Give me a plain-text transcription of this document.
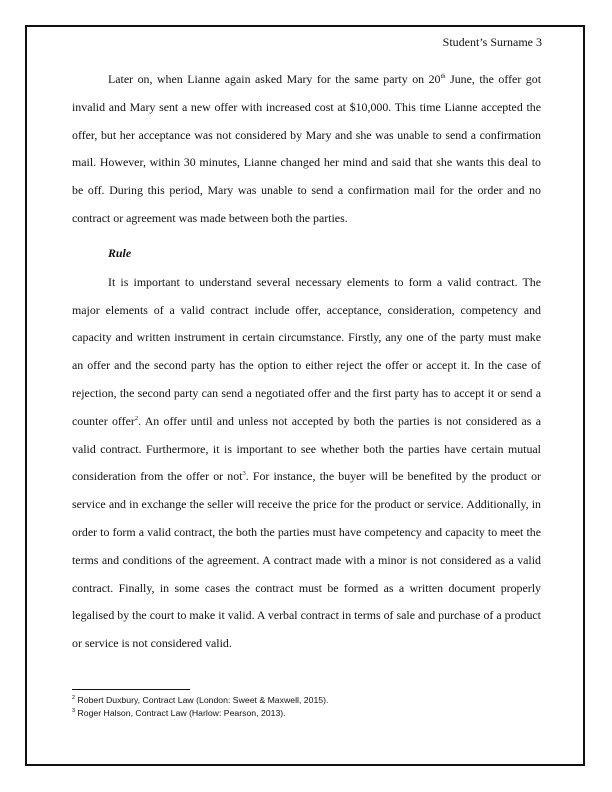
Student’s Surname 3

Later on, when Lianne again asked Mary for the same party on 20th June, the offer got invalid and Mary sent a new offer with increased cost at $10,000. This time Lianne accepted the offer, but her acceptance was not considered by Mary and she was unable to send a confirmation mail. However, within 30 minutes, Lianne changed her mind and said that she wants this deal to be off. During this period, Mary was unable to send a confirmation mail for the order and no contract or agreement was made between both the parties.

Rule

It is important to understand several necessary elements to form a valid contract. The major elements of a valid contract include offer, acceptance, consideration, competency and capacity and written instrument in certain circumstance. Firstly, any one of the party must make an offer and the second party has the option to either reject the offer or accept it. In the case of rejection, the second party can send a negotiated offer and the first party has to accept it or send a counter offer$^2$. An offer until and unless not accepted by both the parties is not considered as a valid contract. Furthermore, it is important to see whether both the parties have certain mutual consideration from the offer or not$^3$. For instance, the buyer will be benefited by the product or service and in exchange the seller will receive the price for the product or service. Additionally, in order to form a valid contract, the both the parties must have competency and capacity to meet the terms and conditions of the agreement. A contract made with a minor is not considered as a valid contract. Finally, in some cases the contract must be formed as a written document properly legalised by the court to make it valid. A verbal contract in terms of sale and purchase of a product or service is not considered valid.

$^2$ Robert Duxbury, Contract Law (London: Sweet & Maxwell, 2015).
$^3$ Roger Halson, Contract Law (Harlow: Pearson, 2013).
